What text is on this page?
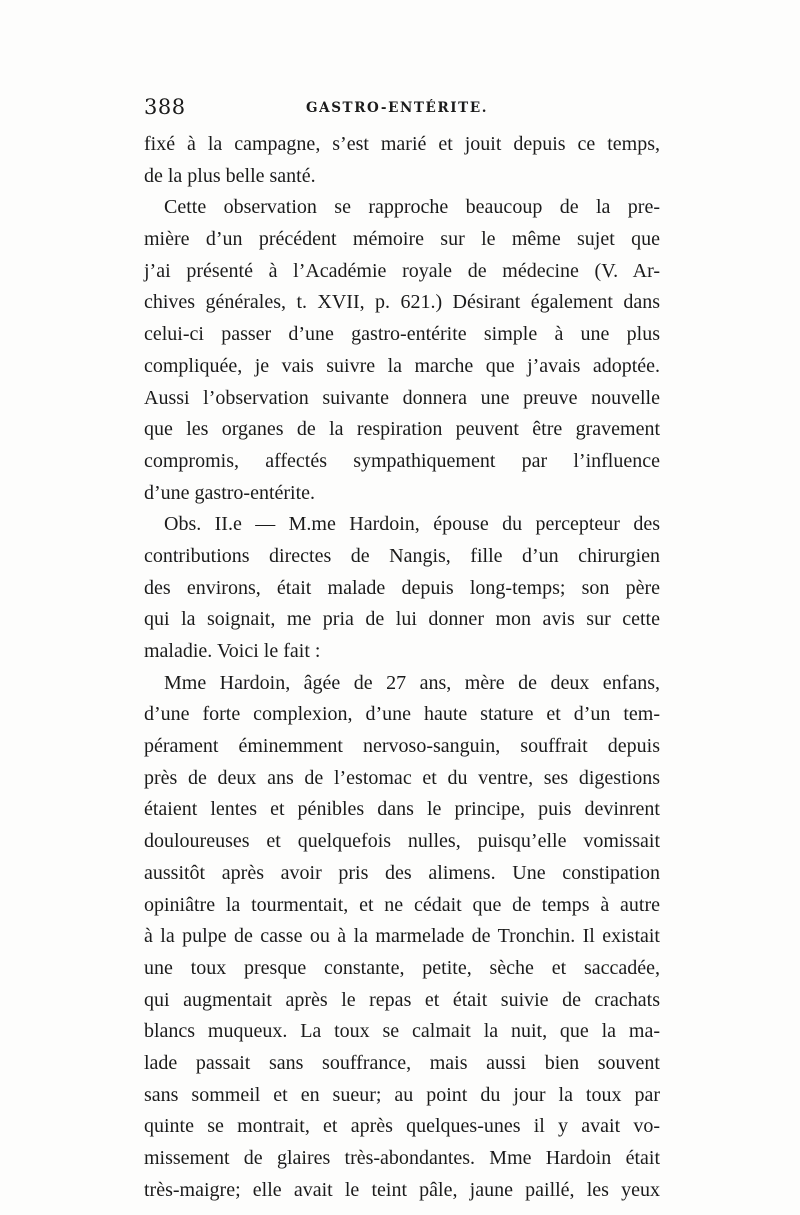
388	GASTRO-ENTÉRITE.
fixé à la campagne, s’est marié et jouit depuis ce temps,
de la plus belle santé.
Cette observation se rapproche beaucoup de la pre-
mière d’un précédent mémoire sur le même sujet que
j’ai présenté à l’Académie royale de médecine (V. Ar-
chives générales, t. XVII, p. 621.) Désirant également dans
celui-ci passer d’une gastro-entérite simple à une plus
compliquée, je vais suivre la marche que j’avais adoptée.
Aussi l’observation suivante donnera une preuve nouvelle
que les organes de la respiration peuvent être gravement
compromis, affectés sympathiquement par l’influence
d’une gastro-entérite.
Obs. II.e — M.me Hardoin, épouse du percepteur des
contributions directes de Nangis, fille d’un chirurgien
des environs, était malade depuis long-temps; son père
qui la soignait, me pria de lui donner mon avis sur cette
maladie. Voici le fait :
Mme Hardoin, âgée de 27 ans, mère de deux enfans,
d’une forte complexion, d’une haute stature et d’un tem-
pérament éminemment nervoso-sanguin, souffrait depuis
près de deux ans de l’estomac et du ventre, ses digestions
étaient lentes et pénibles dans le principe, puis devinrent
douloureuses et quelquefois nulles, puisqu’elle vomissait
aussitôt après avoir pris des alimens. Une constipation
opiniâtre la tourmentait, et ne cédait que de temps à autre
à la pulpe de casse ou à la marmelade de Tronchin. Il existait
une toux presque constante, petite, sèche et saccadée,
qui augmentait après le repas et était suivie de crachats
blancs muqueux. La toux se calmait la nuit, que la ma-
lade passait sans souffrance, mais aussi bien souvent
sans sommeil et en sueur; au point du jour la toux par
quinte se montrait, et après quelques-unes il y avait vo-
missement de glaires très-abondantes. Mme Hardoin était
très-maigre; elle avait le teint pâle, jaune paillé, les yeux
